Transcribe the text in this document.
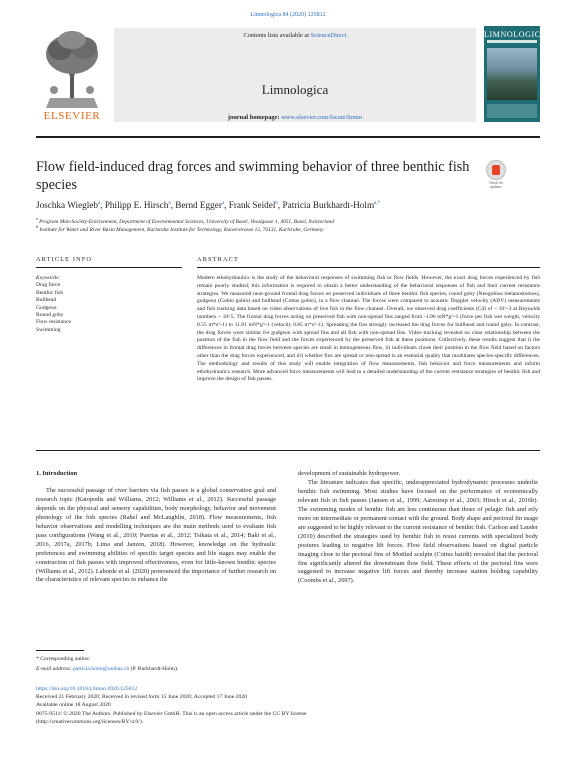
Limnologica 84 (2020) 125812
ELSEVIER
Contents lists available at ScienceDirect
Limnologica
journal homepage: www.elsevier.com/locate/limno
LIMNOLOGICA
Flow field-induced drag forces and swimming behavior of three benthic fish species	Check for
updates
Joschka Wiegleb$^a$, Philipp E. Hirsch$^a$, Bernd Egger$^a$, Frank Seidel$^b$, Patricia Burkhardt-Holm$^{a,*}$
$^a$ Program Man-Society-Environment, Department of Environmental Sciences, University of Basel, Vesalgasse 1, 4051, Basel, Switzerland
$^b$ Institute for Water and River Basin Management, Karlsruhe Institute for Technology, Kaiserstrasse 12, 76131, Karlsruhe, Germany
ARTICLE INFO	ABSTRACT
Keywords:
Drag force
Benthic fish
Bullhead
Gudgeon
Round goby
Flow resistance
Swimming
Modern ethohydraulics is the study of the behavioral responses of swimming fish to flow fields. However, the exact drag forces experienced by fish remain poorly studied; this information is required to obtain a better understanding of the behavioral responses of fish and their current resistance strategies. We measured near-ground frontal drag forces on preserved individuals of three benthic fish species, round goby (Neogobius melanostomus), gudgeon (Gobio gobio) and bullhead (Cottus gobio), in a flow channel. The forces were compared to acoustic Doppler velocity (ADV) measurements and fish tracking data based on video observations of live fish in the flow channel. Overall, we observed drag coefficients (Cd) of ~ 10^-3 at Reynolds numbers ~ 10^5. The frontal drag forces acting on preserved fish with non-spread fins ranged from -1.96 mN*g^-1 (force per fish wet weight, velocity 0.55 m*s^-1) to 11.01 mN*g^-1 (velocity 0.85 m*s^-1). Spreading the fins strongly increased the drag forces for bullhead and round goby. In contrast, the drag forces were similar for gudgeon with spread fins and all fish with non-spread fins. Video tracking revealed no clear relationship between the position of the fish in the flow field and the forces experienced by the preserved fish at these positions. Collectively, these results suggest that i) the differences in frontal drag forces between species are small in homogeneous flow, ii) individuals chose their position in the flow field based on factors other than the drag forces experienced, and iii) whether fins are spread or non-spread is an essential quality that modulates species-specific differences. The methodology and results of this study will enable integration of flow measurements, fish behavior and force measurements and inform ethohydraulics research. More advanced force measurements will lead to a detailed understanding of the current resistance strategies of benthic fish and improve the design of fish passes.
1. Introduction

The successful passage of river barriers via fish passes is a global conservation goal and research topic (Katopodis and Williams, 2012; Williams et al., 2012). Successful passage depends on the physical and sensory capabilities, body morphology, behavior and movement phenology of the fish species (Rahel and McLaughlin, 2018). Flow measurements, fish behavior observations and modelling techniques are the main methods used to evaluate fish pass configurations (Wang et al., 2010; Puertas et al., 2012; Tsikata et al., 2014; Baki et al., 2016, 2017a, 2017b; Lima and Janzen, 2018). However, knowledge on the hydraulic preferences and swimming abilities of specific target species and life stages may enable the construction of fish passes with improved effectiveness, even for little-known benthic species (Williams et al., 2012). Laborde et al. (2020) pronounced the importance of further research on the characteristics of relevant species to enhance the

development of sustainable hydropower.

The literature indicates that specific, underappreciated hydrodynamic processes underlie benthic fish swimming. Most studies have focused on the performance of economically relevant fish in fish passes (Jansen et al., 1999; Aarestrup et al., 2003; Hirsch et al., 2016b). The swimming modes of benthic fish are less continuous than those of pelagic fish and rely more on intermediate or permanent contact with the ground. Body shape and pectoral fin usage are suggested to be highly relevant to the current resistance of benthic fish. Carlson and Lauder (2010) described the strategies used by benthic fish to resist currents with specialized body postures leading to negative lift forces. Flow field observations based on digital particle imaging close to the pectoral fins of Mottled sculpin (Cottus bairdi) revealed that the pectoral fins significantly altered the downstream flow field. These effects of the pectoral fins were suggested to increase negative lift forces and thereby increase station holding capability (Coombs et al., 2007).

* Corresponding author.
E-mail address: patricia.holm@unibas.ch (P. Burkhardt-Holm).
https://doi.org/10.1016/j.limno.2020.125812
Received 21 February 2020; Received in revised form 15 June 2020; Accepted 17 June 2020
Available online 18 August 2020
0075-9511/ © 2020 The Authors. Published by Elsevier GmbH. This is an open access article under the CC BY license
(http://creativecommons.org/licenses/BY/4.0/).
